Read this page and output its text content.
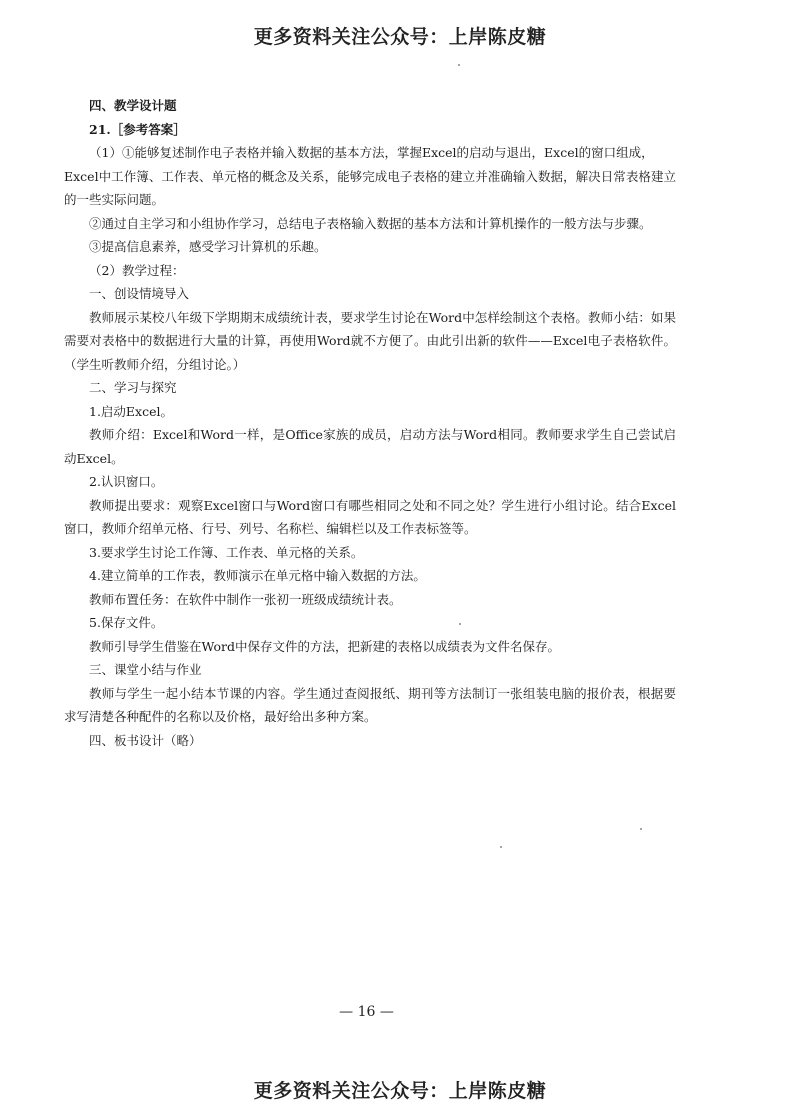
更多资料关注公众号：上岸陈皮糖

四、教学设计题

21.［参考答案］

（1）①能够复述制作电子表格并输入数据的基本方法，掌握Excel的启动与退出，Excel的窗口组成，

Excel中工作簿、工作表、单元格的概念及关系，能够完成电子表格的建立并准确输入数据，解决日常表格建立的一些实际问题。

②通过自主学习和小组协作学习，总结电子表格输入数据的基本方法和计算机操作的一般方法与步骤。

③提高信息素养，感受学习计算机的乐趣。

（2）教学过程：

一、创设情境导入

教师展示某校八年级下学期期末成绩统计表，要求学生讨论在Word中怎样绘制这个表格。教师小结：如果需要对表格中的数据进行大量的计算，再使用Word就不方便了。由此引出新的软件——Excel电子表格软件。（学生听教师介绍，分组讨论。）

二、学习与探究

1.启动Excel。

教师介绍：Excel和Word一样，是Office家族的成员，启动方法与Word相同。教师要求学生自己尝试启动Excel。

2.认识窗口。

教师提出要求：观察Excel窗口与Word窗口有哪些相同之处和不同之处？学生进行小组讨论。结合Excel窗口，教师介绍单元格、行号、列号、名称栏、编辑栏以及工作表标签等。

3.要求学生讨论工作簿、工作表、单元格的关系。

4.建立简单的工作表，教师演示在单元格中输入数据的方法。

教师布置任务：在软件中制作一张初一班级成绩统计表。

5.保存文件。

教师引导学生借鉴在Word中保存文件的方法，把新建的表格以成绩表为文件名保存。

三、课堂小结与作业

教师与学生一起小结本节课的内容。学生通过查阅报纸、期刊等方法制订一张组装电脑的报价表，根据要求写清楚各种配件的名称以及价格，最好给出多种方案。

四、板书设计（略）

— 16 —
更多资料关注公众号：上岸陈皮糖
